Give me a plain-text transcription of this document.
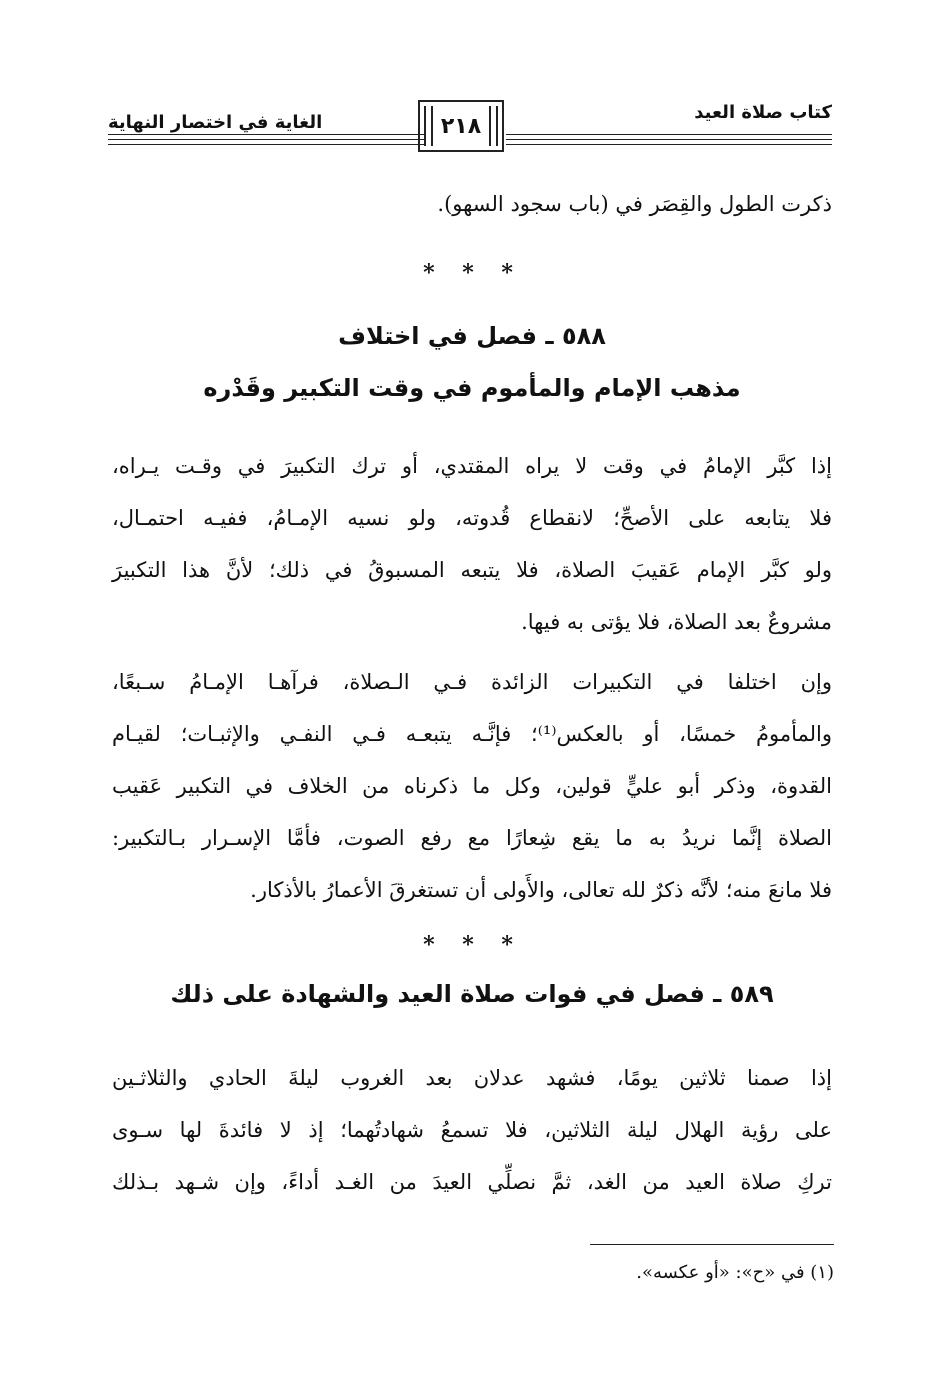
كتاب صلاة العيد
الغاية في اختصار النهاية	٢١٨
ذكرت الطول والقِصَر في (باب سجود السهو).
* * *
٥٨٨ ـ فصل في اختلاف
مذهب الإمام والمأموم في وقت التكبير وقَدْره
إذا كبَّر الإمامُ في وقت لا يراه المقتدي، أو ترك التكبيرَ في وقـت يـراه،
فلا يتابعه على الأصحِّ؛ لانقطاع قُدوته، ولو نسيه الإمـامُ، ففيـه احتمـال،
ولو كبَّر الإمام عَقيبَ الصلاة، فلا يتبعه المسبوقُ في ذلك؛ لأنَّ هذا التكبيرَ
مشروعٌ بعد الصلاة، فلا يؤتى به فيها.
وإن اختلفا في التكبيرات الزائدة فـي الـصلاة، فرآهـا الإمـامُ سـبعًا،
والمأمومُ خمسًا، أو بالعكس⁽¹⁾؛ فإنَّـه يتبعـه فـي النفـي والإثبـات؛ لقيـام
القدوة، وذكر أبو عليٍّ قولين، وكل ما ذكرناه من الخلاف في التكبير عَقيب
الصلاة إنَّما نريدُ به ما يقع شِعارًا مع رفع الصوت، فأمَّا الإسـرار بـالتكبير:
فلا مانعَ منه؛ لأنَّه ذكرٌ لله تعالى، والأَولى أن تستغرقَ الأعمارُ بالأذكار.
* * *
٥٨٩ ـ فصل في فوات صلاة العيد والشهادة على ذلك
إذا صمنا ثلاثين يومًا، فشهد عدلان بعد الغروب ليلةَ الحادي والثلاثـين
على رؤية الهلال ليلة الثلاثين، فلا تسمعُ شهادتُهما؛ إذ لا فائدةَ لها سـوى
تركِ صلاة العيد من الغد، ثمَّ نصلِّي العيدَ من الغـد أداءً، وإن شـهد بـذلك
(١) في «ح»: «أو عكسه».
